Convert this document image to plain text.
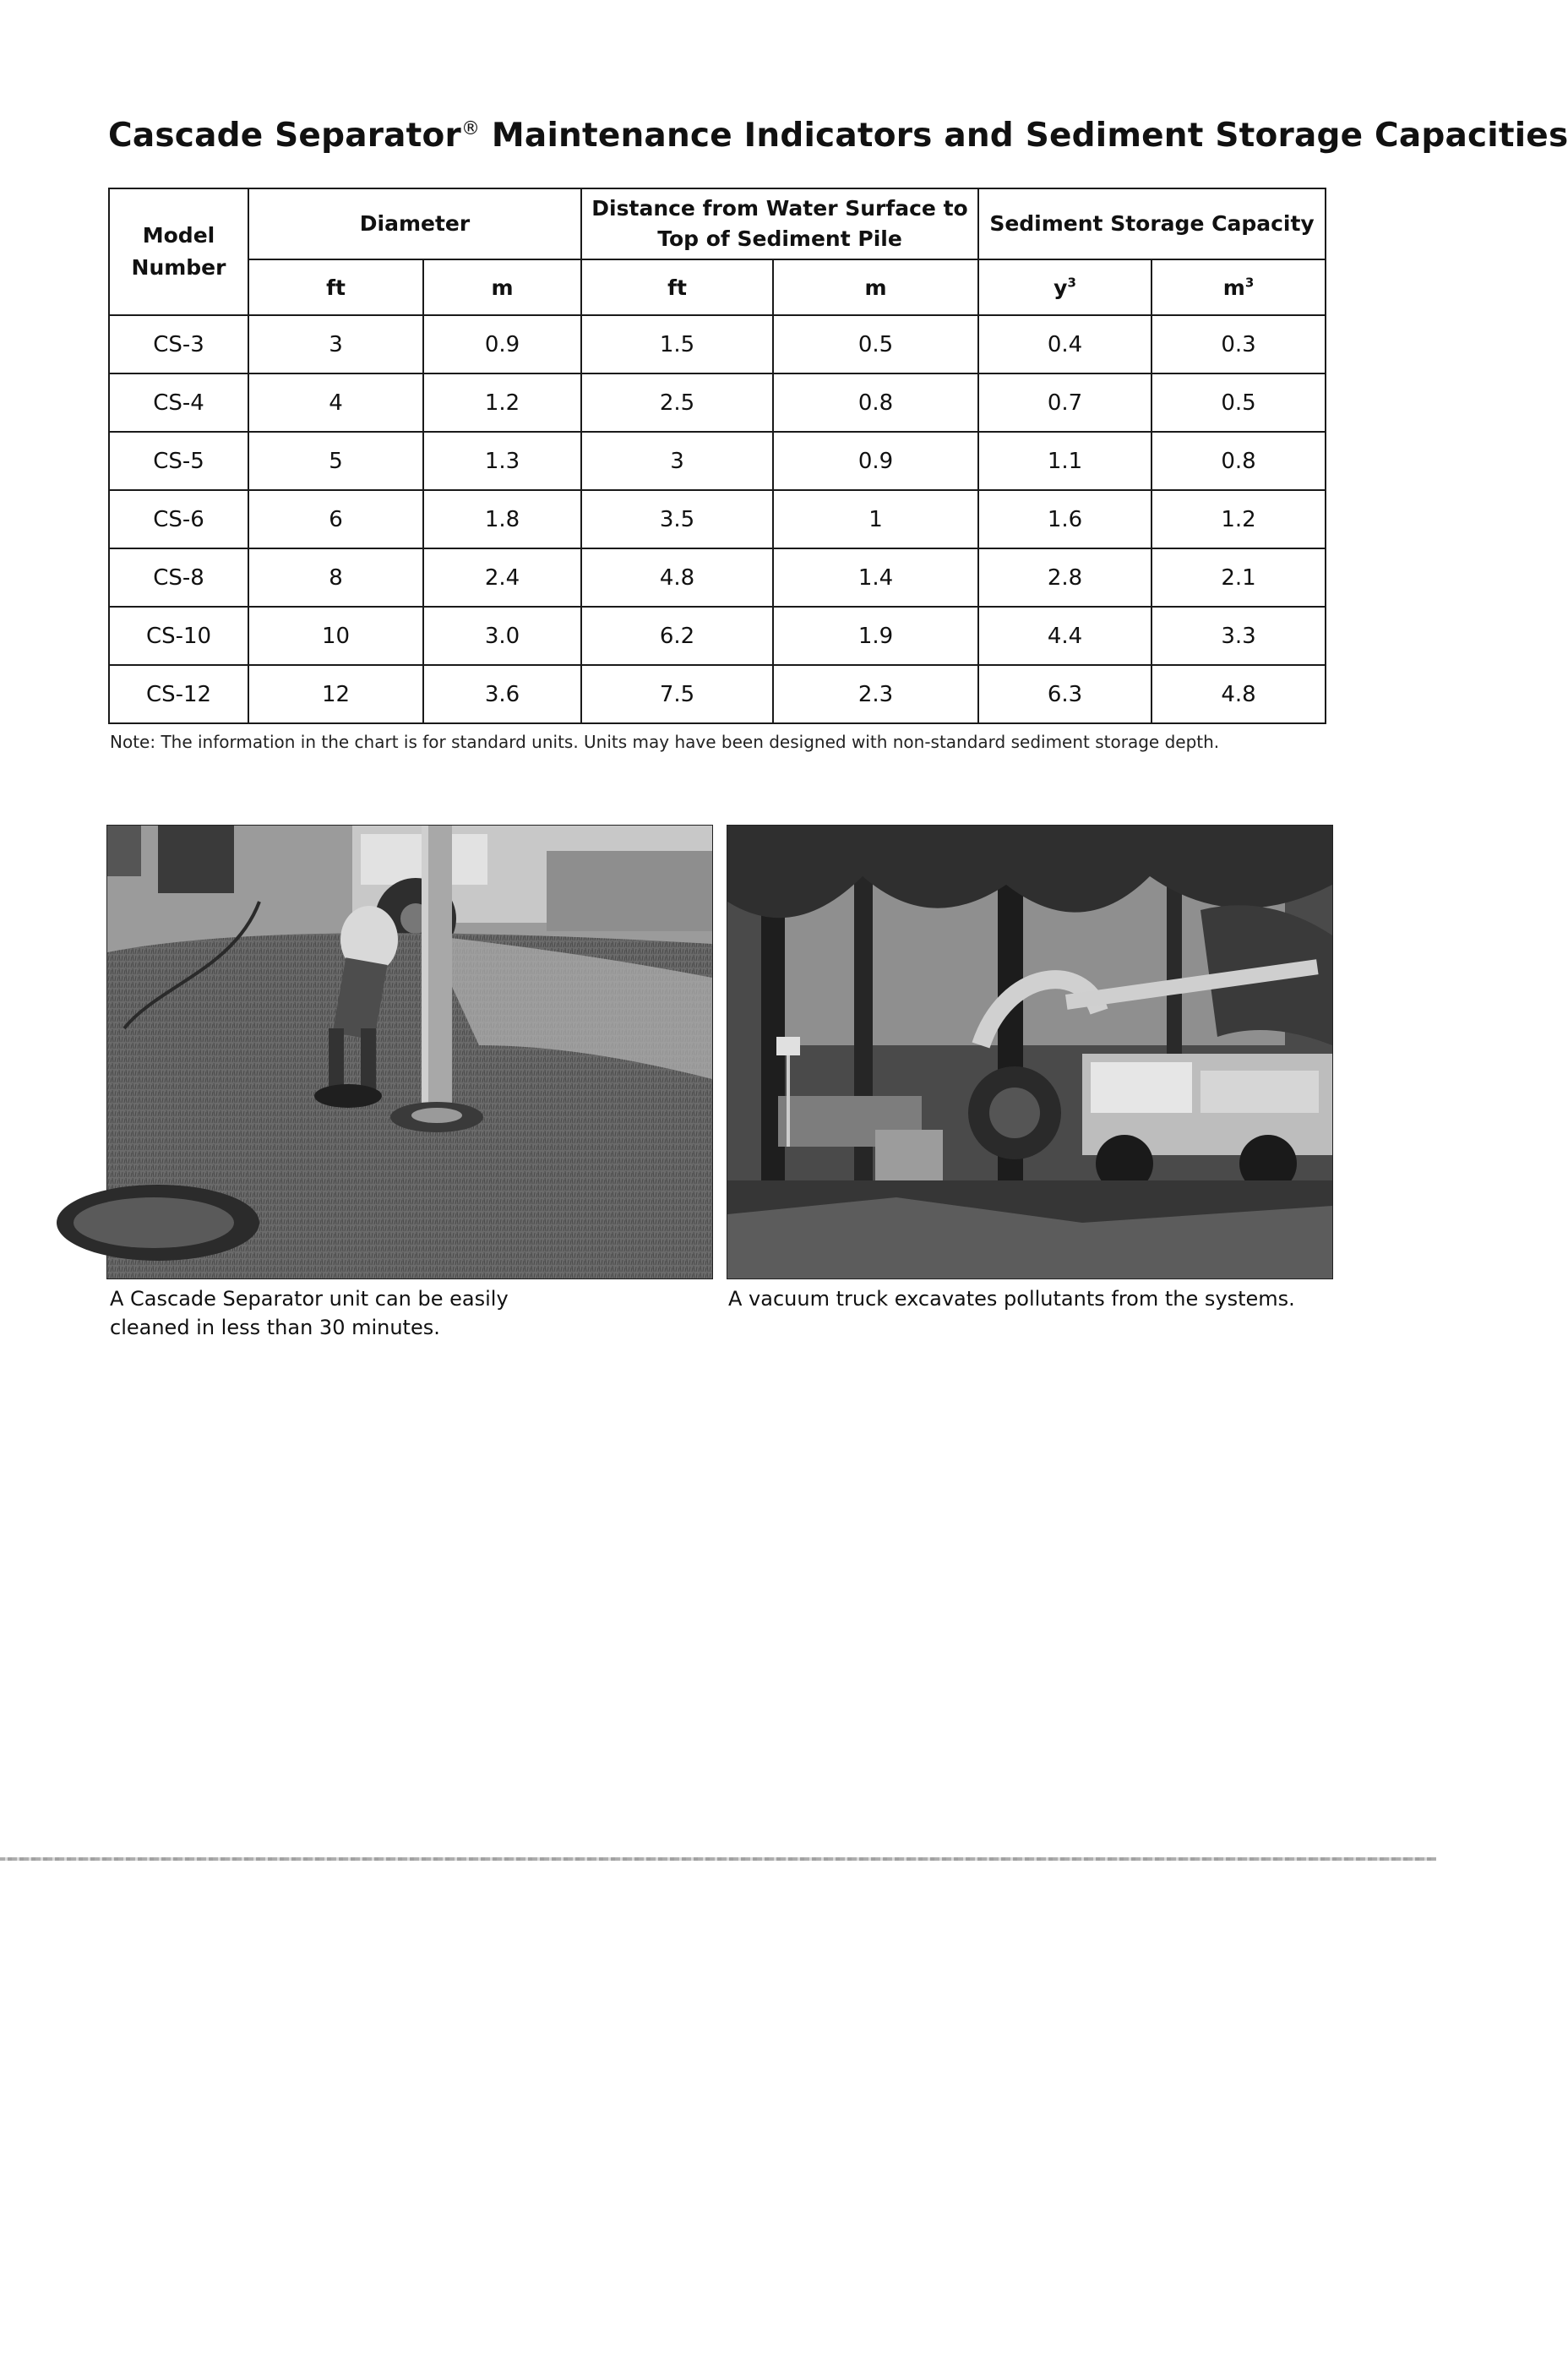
Cascade Separator® Maintenance Indicators and Sediment Storage Capacities
Model Number	Diameter		Distance from Water Surface to
Top of Sediment Pile		Sediment Storage Capacity	
	ft	m	ft	m	$y^3$	$m^3$
CS-3	3	0.9	1.5	0.5	0.4	0.3
CS-4	4	1.2	2.5	0.8	0.7	0.5
CS-5	5	1.3	3	0.9	1.1	0.8
CS-6	6	1.8	3.5	1	1.6	1.2
CS-8	8	2.4	4.8	1.4	2.8	2.1
CS-10	10	3.0	6.2	1.9	4.4	3.3
CS-12	12	3.6	7.5	2.3	6.3	4.8
Note: The information in the chart is for standard units. Units may have been designed with non-standard sediment storage depth.
A Cascade Separator unit can be easily cleaned in less than 30 minutes.
A vacuum truck excavates pollutants from the systems.
